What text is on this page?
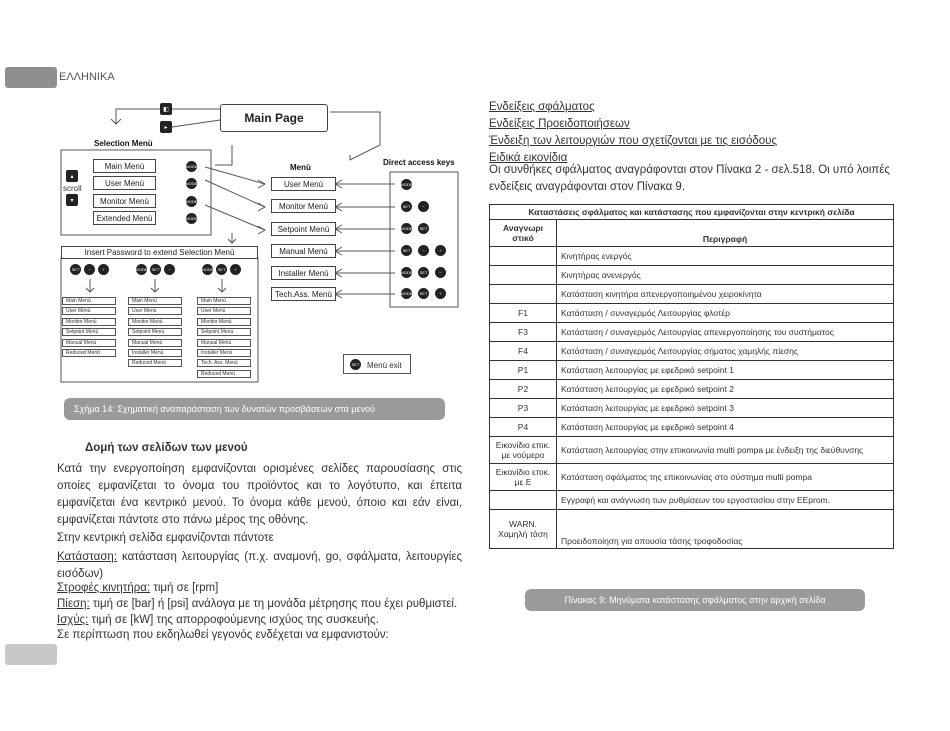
ΕΛΛΗΝΙΚΑ
◧
▸
Main Page
Selection Menù
▴
scroll
▾
Main Menù
User Menù
Monitor Menù
Extended Menù
MODE
MODE
MODE
MODE
Menù
Direct access keys
User Menù
Monitor Menù
Setpoint Menù
Manual Menù
Installer Menù
Tech.Ass. Menù
MODE
SET	−
MODE	SET
SET	−	+
MODE	SET	−
MODE	SET	+
Insert Password to extend Selection Menù
SET	−	+	MODE	SET	−	MODE	SET	+
Main Menù
User Menù
Monitor Menù
Setpoint Menù
Manual Menù
Reduced Menù
Main Menù
User Menù
Monitor Menù
Setpoint Menù
Manual Menù
Installer Menù
Reduced Menù
Main Menù
User Menù
Monitor Menù
Setpoint Menù
Manual Menù
Installer Menù
Tech. Ass. Menù
Reduced Menù
SET Menù exit
Σχήμα 14: Σχηματική αναπαράσταση των δυνατών προσβάσεων στα μενού
Δομή των σελίδων των μενού
Κατά την ενεργοποίηση εμφανίζονται ορισμένες σελίδες παρουσίασης στις οποίες εμφανίζεται το όνομα του προϊόντος και το λογότυπο, και έπειτα εμφανίζεται ένα κεντρικό μενού. Το όνομα κάθε μενού, όποιο και εάν είναι, εμφανίζεται πάντοτε στο πάνω μέρος της οθόνης.
Στην κεντρική σελίδα εμφανίζονται πάντοτε
Κατάσταση: κατάσταση λειτουργίας (π.χ. αναμονή, go, σφάλματα, λειτουργίες εισόδων)
Στροφές κινητήρα: τιμή σε [rpm]
Πίεση: τιμή σε [bar] ή [psi] ανάλογα με τη μονάδα μέτρησης που έχει ρυθμιστεί.
Ισχύς: τιμή σε [kW] της απορροφούμενης ισχύος της συσκευής.
Σε περίπτωση που εκδηλωθεί γεγονός ενδέχεται να εμφανιστούν:
Ενδείξεις σφάλματος
Ενδείξεις Προειδοποιήσεων
Ένδειξη των λειτουργιών που σχετίζονται με τις εισόδους
Ειδικά εικονίδια
Οι συνθήκες σφάλματος αναγράφονται στον Πίνακα 2 - σελ.518. Οι υπό λοιπές ενδείξεις αναγράφονται στον Πίνακα 9.
Καταστάσεις σφάλματος και κατάστασης που εμφανίζονται στην κεντρική σελίδα	
Αναγνωρι στικό	Περιγραφή
	Κινητήρας ενεργός
	Κινητήρας ανενεργός
	Κατάσταση κινητήρα απενεργοποιημένου χειροκίνητα
F1	Κατάσταση / συναγερμός Λειτουργίας φλοτέρ
F3	Κατάσταση / συναγερμός Λειτουργίας απενεργοποίησης του συστήματος
F4	Κατάσταση / συναγερμός Λειτουργίας σήματος χαμηλής πίεσης
P1	Κατάσταση λειτουργίας με εφεδρικό setpoint 1
P2	Κατάσταση λειτουργίας με εφεδρικό setpoint 2
P3	Κατάσταση λειτουργίας με εφεδρικό setpoint 3
P4	Κατάσταση λειτουργίας με εφεδρικό setpoint 4
Εικονίδιο επικ. με νούμερο	Κατάσταση λειτουργίας στην επικοινωνία multi pompa με ένδειξη της διεύθυνσης
Εικονίδιο επικ. με E	Κατάσταση σφάλματος της επικοινωνίας στο σύστημα multi pompa
	Εγγραφή και ανάγνωση των ρυθμίσεων του εργοστασίου στην EEprom.
WARN. Χαμηλή τάση	Προειδοποίηση για απουσία τάσης τροφοδοσίας
Πίνακας 9: Μηνύματα κατάστασης σφάλματος στην αρχική σελίδα
